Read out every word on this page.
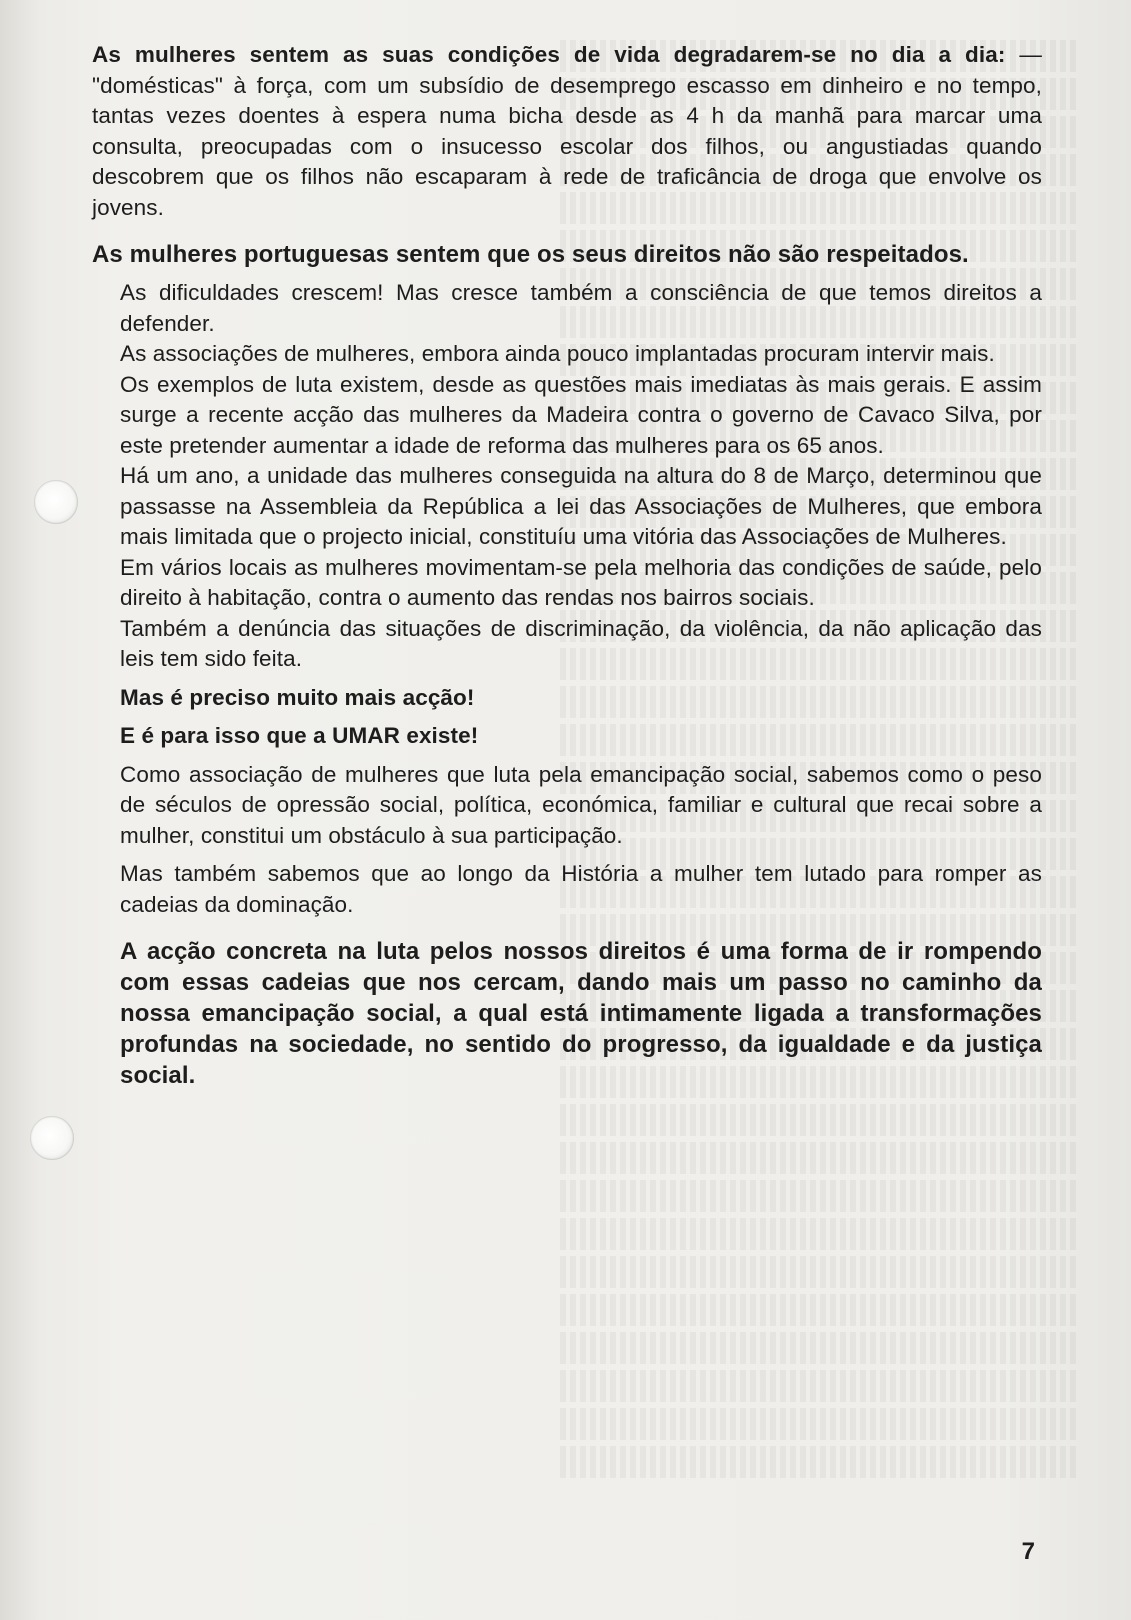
As mulheres sentem as suas condições de vida degradarem-se no dia a dia: — "domésticas" à força, com um subsídio de desemprego escasso em dinheiro e no tempo, tantas vezes doentes à espera numa bicha desde as 4 h da manhã para marcar uma consulta, preocupadas com o insucesso escolar dos filhos, ou angustiadas quando descobrem que os filhos não escaparam à rede de traficância de droga que envolve os jovens.

As mulheres portuguesas sentem que os seus direitos não são respeitados.

As dificuldades crescem! Mas cresce também a consciência de que temos direitos a defender.

As associações de mulheres, embora ainda pouco implantadas procuram intervir mais.

Os exemplos de luta existem, desde as questões mais imediatas às mais gerais. E assim surge a recente acção das mulheres da Madeira contra o governo de Cavaco Silva, por este pretender aumentar a idade de reforma das mulheres para os 65 anos.

Há um ano, a unidade das mulheres conseguida na altura do 8 de Março, determinou que passasse na Assembleia da República a lei das Associações de Mulheres, que embora mais limitada que o projecto inicial, constituíu uma vitória das Associações de Mulheres.

Em vários locais as mulheres movimentam-se pela melhoria das condições de saúde, pelo direito à habitação, contra o aumento das rendas nos bairros sociais.

Também a denúncia das situações de discriminação, da violência, da não aplicação das leis tem sido feita.

Mas é preciso muito mais acção!

E é para isso que a UMAR existe!

Como associação de mulheres que luta pela emancipação social, sabemos como o peso de séculos de opressão social, política, económica, familiar e cultural que recai sobre a mulher, constitui um obstáculo à sua participação.

Mas também sabemos que ao longo da História a mulher tem lutado para romper as cadeias da dominação.

A acção concreta na luta pelos nossos direitos é uma forma de ir rompendo com essas cadeias que nos cercam, dando mais um passo no caminho da nossa emancipação social, a qual está intimamente ligada a transformações profundas na sociedade, no sentido do progresso, da igualdade e da justiça social.

7
